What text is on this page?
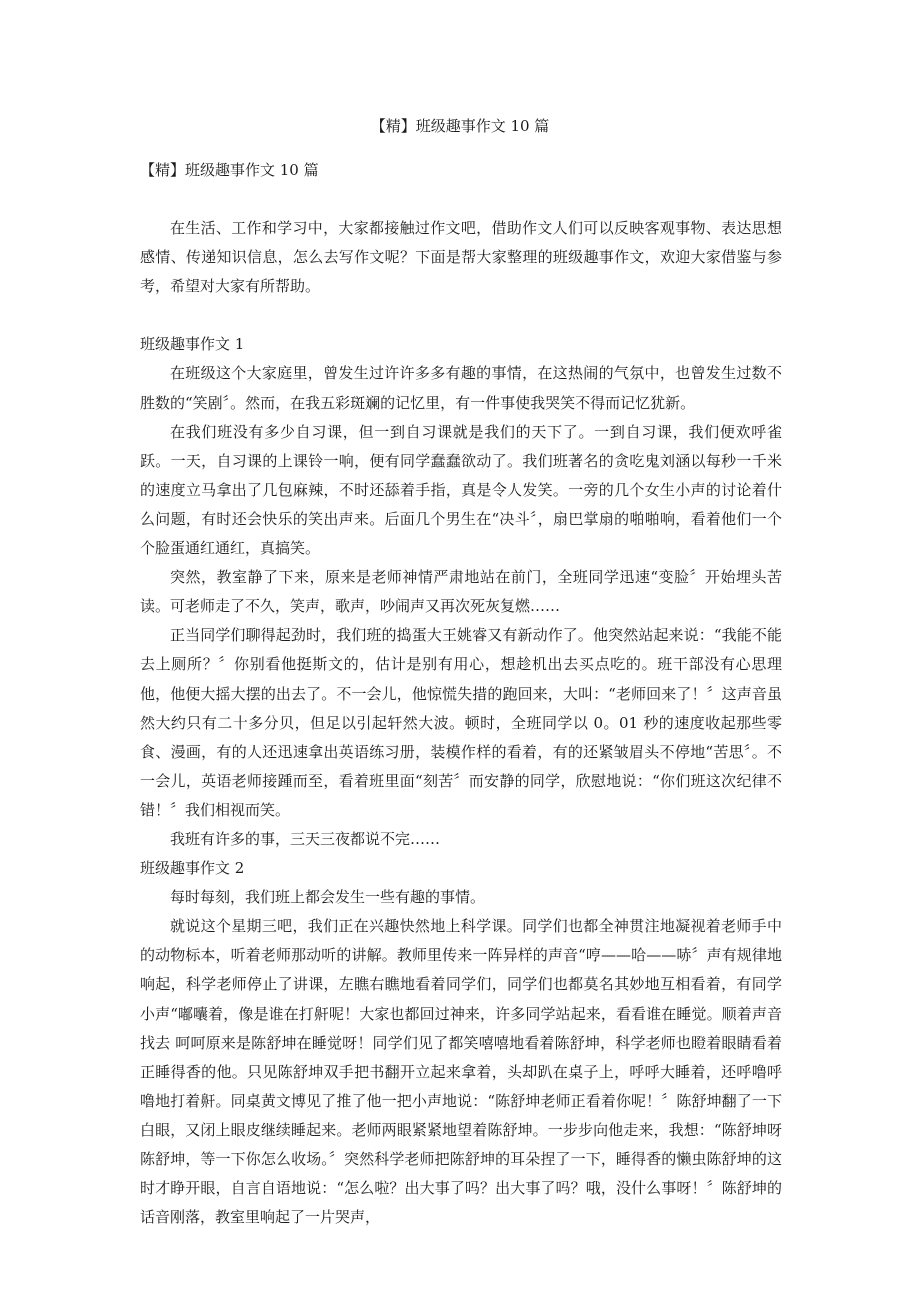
【精】班级趣事作文 10 篇

【精】班级趣事作文 10 篇

在生活、工作和学习中，大家都接触过作文吧，借助作文人们可以反映客观事物、表达思想感情、传递知识信息，怎么去写作文呢？下面是帮大家整理的班级趣事作文，欢迎大家借鉴与参考，希望对大家有所帮助。

班级趣事作文 1

在班级这个大家庭里，曾发生过许许多多有趣的事情，在这热闹的气氛中，也曾发生过数不胜数的“笑剧〞。然而，在我五彩斑斓的记忆里，有一件事使我哭笑不得而记忆犹新。

在我们班没有多少自习课，但一到自习课就是我们的天下了。一到自习课，我们便欢呼雀跃。一天，自习课的上课铃一响，便有同学蠢蠢欲动了。我们班著名的贪吃鬼刘涵以每秒一千米的速度立马拿出了几包麻辣，不时还舔着手指，真是令人发笑。一旁的几个女生小声的讨论着什么问题，有时还会快乐的笑出声来。后面几个男生在“决斗〞，扇巴掌扇的啪啪响，看着他们一个个脸蛋通红通红，真搞笑。

突然，教室静了下来，原来是老师神情严肃地站在前门，全班同学迅速“变脸〞开始埋头苦读。可老师走了不久，笑声，歌声，吵闹声又再次死灰复燃……

正当同学们聊得起劲时，我们班的捣蛋大王姚睿又有新动作了。他突然站起来说：“我能不能去上厕所？〞你别看他挺斯文的，估计是别有用心，想趁机出去买点吃的。班干部没有心思理他，他便大摇大摆的出去了。不一会儿，他惊慌失措的跑回来，大叫：“老师回来了！〞这声音虽然大约只有二十多分贝，但足以引起轩然大波。顿时，全班同学以 0。01 秒的速度收起那些零食、漫画，有的人还迅速拿出英语练习册，装模作样的看着，有的还紧皱眉头不停地“苦思〞。不一会儿，英语老师接踵而至，看着班里面“刻苦〞而安静的同学，欣慰地说：“你们班这次纪律不错！〞我们相视而笑。

我班有许多的事，三天三夜都说不完……

班级趣事作文 2

每时每刻，我们班上都会发生一些有趣的事情。

就说这个星期三吧，我们正在兴趣快然地上科学课。同学们也都全神贯注地凝视着老师手中的动物标本，听着老师那动听的讲解。教师里传来一阵异样的声音“哼——哈——哧〞声有规律地响起，科学老师停止了讲课，左瞧右瞧地看着同学们，同学们也都莫名其妙地互相看着，有同学小声“嘟囔着，像是谁在打鼾呢！大家也都回过神来，许多同学站起来，看看谁在睡觉。顺着声音找去 呵呵原来是陈舒坤在睡觉呀！同学们见了都笑嘻嘻地看着陈舒坤，科学老师也瞪着眼睛看着正睡得香的他。只见陈舒坤双手把书翻开立起来拿着，头却趴在桌子上，呼呼大睡着，还呼噜呼噜地打着鼾。同桌黄文博见了推了他一把小声地说：“陈舒坤老师正看着你呢！〞陈舒坤翻了一下白眼，又闭上眼皮继续睡起来。老师两眼紧紧地望着陈舒坤。一步步向他走来，我想：“陈舒坤呀陈舒坤，等一下你怎么收场。〞突然科学老师把陈舒坤的耳朵捏了一下，睡得香的懒虫陈舒坤的这时才睁开眼，自言自语地说：“怎么啦？出大事了吗？出大事了吗？哦，没什么事呀！〞陈舒坤的话音刚落，教室里响起了一片哭声，
